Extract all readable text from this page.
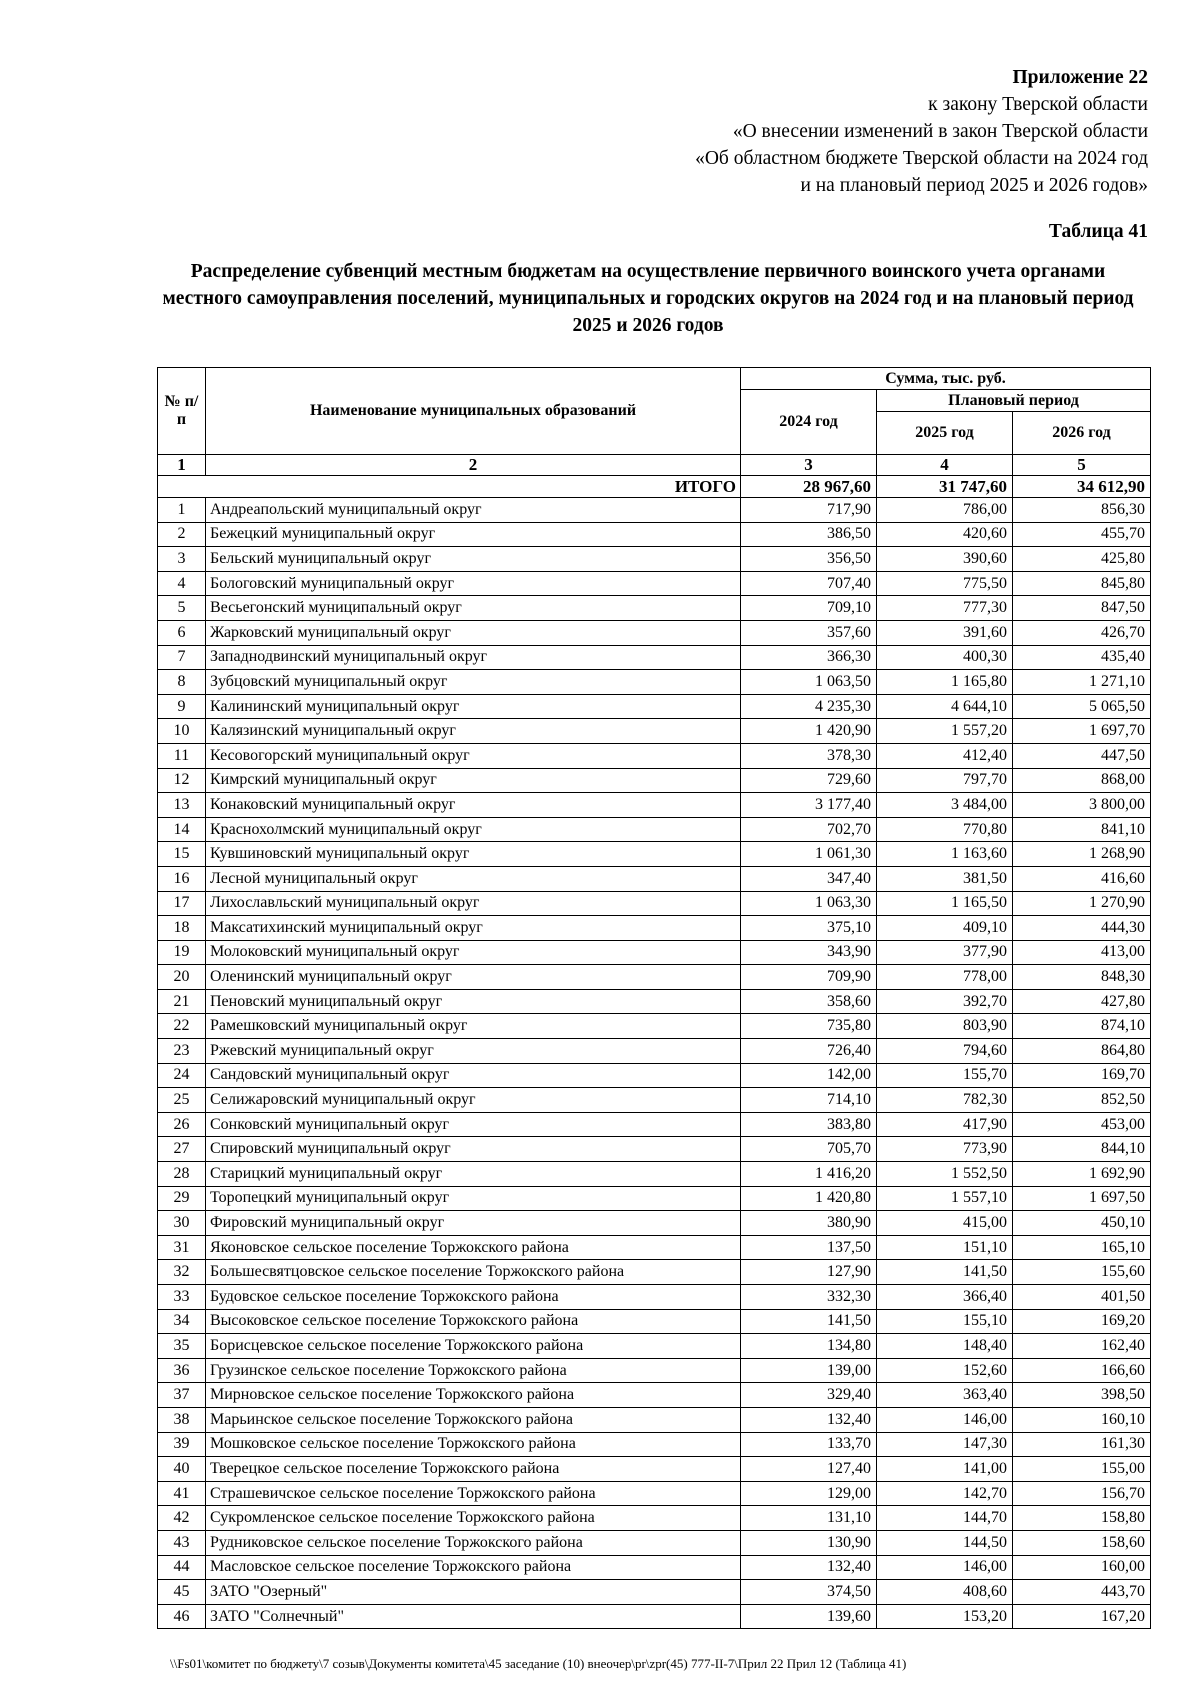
Приложение 22
к закону Тверской области
«О внесении изменений в закон Тверской области
«Об областном бюджете Тверской области на 2024 год
и на плановый период 2025 и 2026 годов»
Таблица 41
Распределение субвенций местным бюджетам на осуществление первичного воинского учета органами местного самоуправления поселений, муниципальных и городских округов на 2024 год и на плановый период 2025 и 2026 годов
№ п/п	Наименование муниципальных образований	Сумма, тыс. руб.		
		2024 год	Плановый период	
			2025 год	2026 год
1	2	3	4	5
	ИТОГО	28 967,60	31 747,60	34 612,90
1	Андреапольский муниципальный округ	717,90	786,00	856,30
2	Бежецкий муниципальный округ	386,50	420,60	455,70
3	Бельский муниципальный округ	356,50	390,60	425,80
4	Бологовский муниципальный округ	707,40	775,50	845,80
5	Весьегонский муниципальный округ	709,10	777,30	847,50
6	Жарковский муниципальный округ	357,60	391,60	426,70
7	Западнодвинский муниципальный округ	366,30	400,30	435,40
8	Зубцовский муниципальный округ	1 063,50	1 165,80	1 271,10
9	Калининский муниципальный округ	4 235,30	4 644,10	5 065,50
10	Калязинский муниципальный округ	1 420,90	1 557,20	1 697,70
11	Кесовогорский муниципальный округ	378,30	412,40	447,50
12	Кимрский муниципальный округ	729,60	797,70	868,00
13	Конаковский муниципальный округ	3 177,40	3 484,00	3 800,00
14	Краснохолмский муниципальный округ	702,70	770,80	841,10
15	Кувшиновский муниципальный округ	1 061,30	1 163,60	1 268,90
16	Лесной муниципальный округ	347,40	381,50	416,60
17	Лихославльский муниципальный округ	1 063,30	1 165,50	1 270,90
18	Максатихинский муниципальный округ	375,10	409,10	444,30
19	Молоковский муниципальный округ	343,90	377,90	413,00
20	Оленинский муниципальный округ	709,90	778,00	848,30
21	Пеновский муниципальный округ	358,60	392,70	427,80
22	Рамешковский муниципальный округ	735,80	803,90	874,10
23	Ржевский муниципальный округ	726,40	794,60	864,80
24	Сандовский муниципальный округ	142,00	155,70	169,70
25	Селижаровский муниципальный округ	714,10	782,30	852,50
26	Сонковский муниципальный округ	383,80	417,90	453,00
27	Спировский муниципальный округ	705,70	773,90	844,10
28	Старицкий муниципальный округ	1 416,20	1 552,50	1 692,90
29	Торопецкий муниципальный округ	1 420,80	1 557,10	1 697,50
30	Фировский муниципальный округ	380,90	415,00	450,10
31	Яконовское сельское поселение Торжокского района	137,50	151,10	165,10
32	Большесвятцовское сельское поселение Торжокского района	127,90	141,50	155,60
33	Будовское сельское поселение Торжокского района	332,30	366,40	401,50
34	Высоковское сельское поселение Торжокского района	141,50	155,10	169,20
35	Борисцевское сельское поселение Торжокского района	134,80	148,40	162,40
36	Грузинское сельское поселение Торжокского района	139,00	152,60	166,60
37	Мирновское сельское поселение Торжокского района	329,40	363,40	398,50
38	Марьинское сельское поселение Торжокского района	132,40	146,00	160,10
39	Мошковское сельское поселение Торжокского района	133,70	147,30	161,30
40	Тверецкое сельское поселение Торжокского района	127,40	141,00	155,00
41	Страшевичское сельское поселение Торжокского района	129,00	142,70	156,70
42	Сукромленское сельское поселение Торжокского района	131,10	144,70	158,80
43	Рудниковское сельское поселение Торжокского района	130,90	144,50	158,60
44	Масловское сельское поселение Торжокского района	132,40	146,00	160,00
45	ЗАТО "Озерный"	374,50	408,60	443,70
46	ЗАТО "Солнечный"	139,60	153,20	167,20
\\Fs01\комитет по бюджету\7 созыв\Документы комитета\45 заседание (10) внеочер\pr\zpr(45) 777-II-7\Прил 22 Прил 12 (Таблица 41)
